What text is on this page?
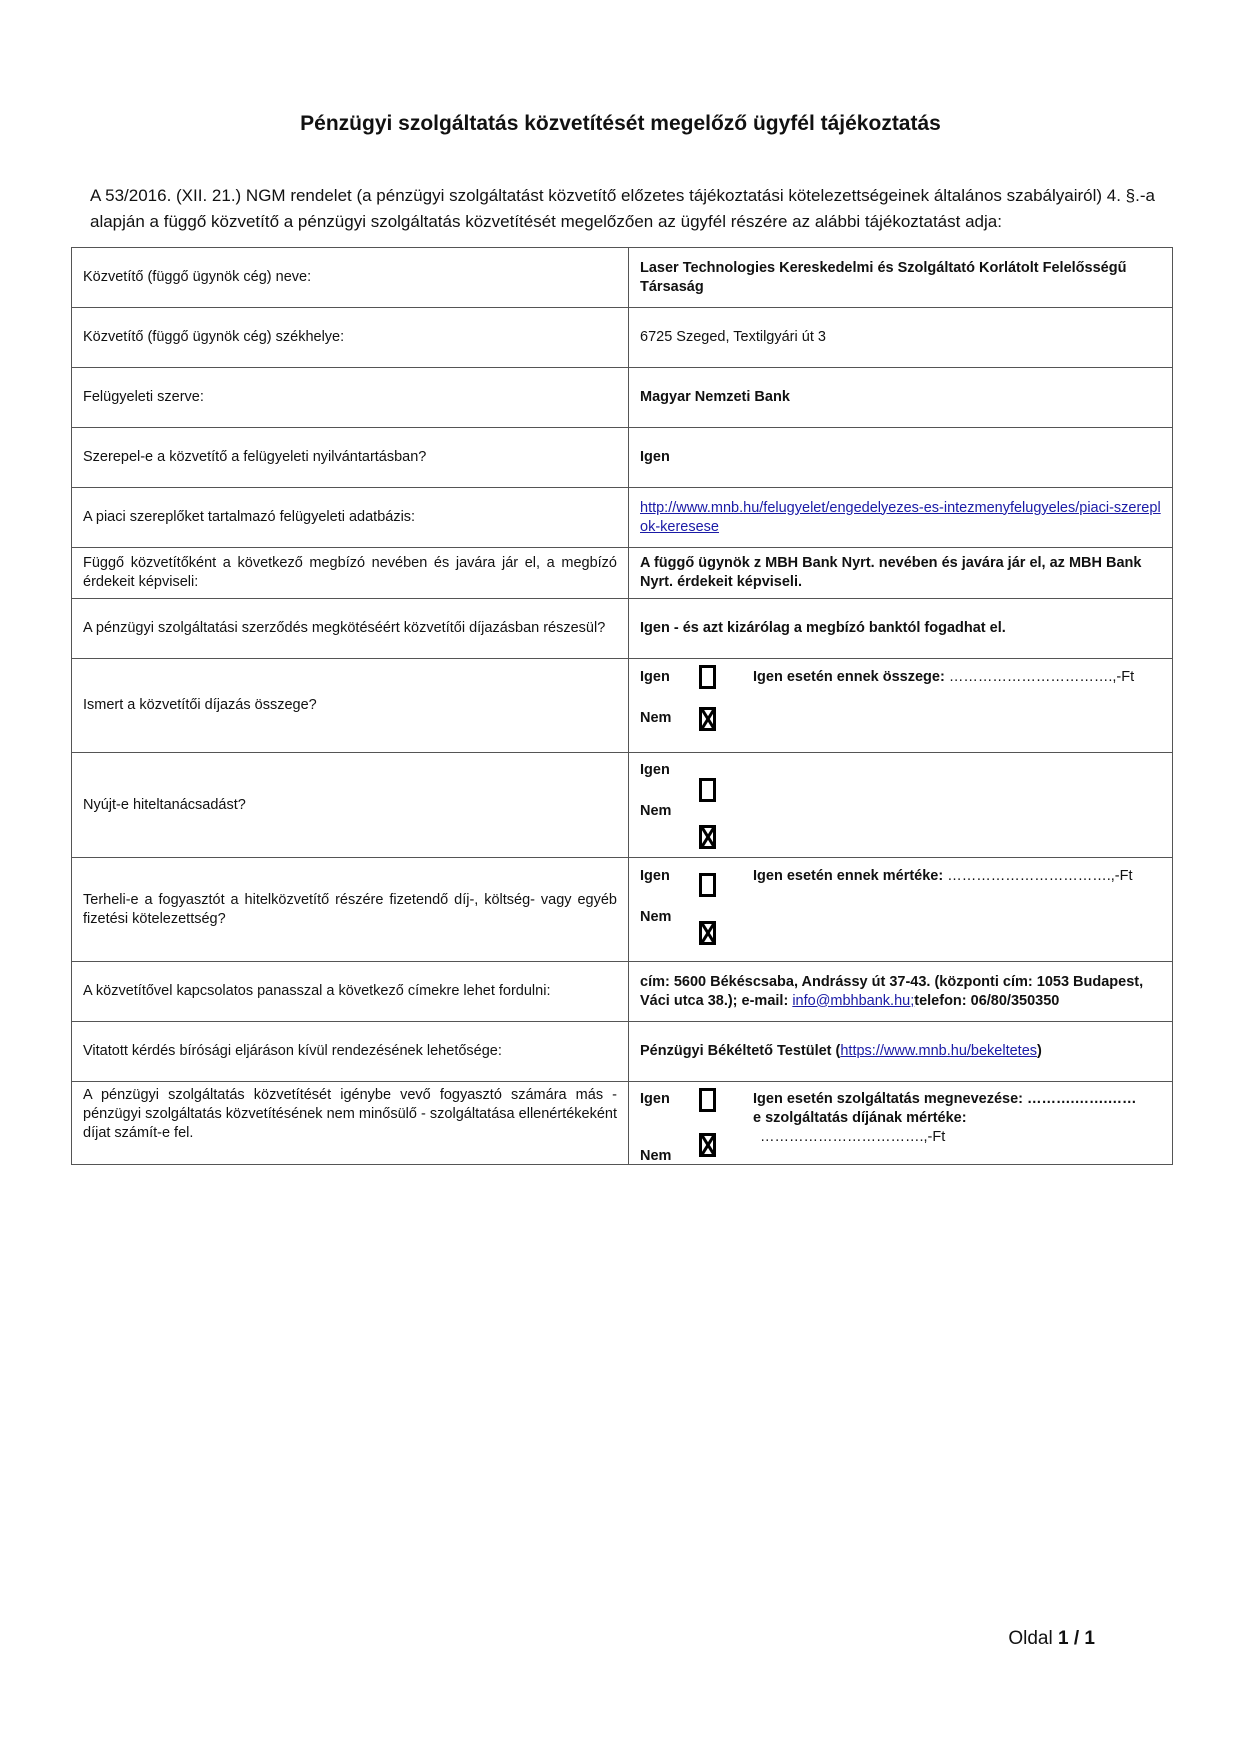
Pénzügyi szolgáltatás közvetítését megelőző ügyfél tájékoztatás
A 53/2016. (XII. 21.) NGM rendelet (a pénzügyi szolgáltatást közvetítő előzetes tájékoztatási kötelezettségeinek általános szabályairól) 4. §.-a alapján a függő közvetítő a pénzügyi szolgáltatás közvetítését megelőzően az ügyfél részére az alábbi tájékoztatást adja:
Közvetítő (függő ügynök cég) neve:	Laser Technologies Kereskedelmi és Szolgáltató Korlátolt Felelősségű Társaság
Közvetítő (függő ügynök cég) székhelye:	6725 Szeged, Textilgyári út 3
Felügyeleti szerve:	Magyar Nemzeti Bank
Szerepel-e a közvetítő a felügyeleti nyilvántartásban?	Igen
A piaci szereplőket tartalmazó felügyeleti adatbázis:	http://www.mnb.hu/felugyelet/engedelyezes-es-intezmenyfelugyeles/piaci-szereplok-keresese
Függő közvetítőként a következő megbízó nevében és javára jár el, a megbízó érdekeit képviseli:	A függő ügynök z MBH Bank Nyrt. nevében és javára jár el, az MBH Bank Nyrt. érdekeit képviseli.
A pénzügyi szolgáltatási szerződés megkötéséért közvetítői díjazásban részesül?	Igen - és azt kizárólag a megbízó banktól fogadhat el.
Ismert a közvetítői díjazás összege?	Igen Igen esetén ennek összege: …………………………….,-Ft
Nem

Nyújt-e hiteltanácsadást?	Igen
Nem

Terheli-e a fogyasztót a hitelközvetítő részére fizetendő díj-, költség- vagy egyéb fizetési kötelezettség?	Igen Igen esetén ennek mértéke: …………………………….,-Ft
Nem

A közvetítővel kapcsolatos panasszal a következő címekre lehet fordulni:	cím: 5600 Békéscsaba, Andrássy út 37-43. (központi cím: 1053 Budapest, Váci utca 38.); e-mail: info@mbhbank.hu;telefon: 06/80/350350
Vitatott kérdés bírósági eljáráson kívül rendezésének lehetősége:	Pénzügyi Békéltető Testület (https://www.mnb.hu/bekeltetes)
A pénzügyi szolgáltatás közvetítését igénybe vevő fogyasztó számára más - pénzügyi szolgáltatás közvetítésének nem minősülő - szolgáltatása ellenértékeként díjat számít-e fel.	Igen Igen esetén szolgáltatás megnevezése: ……….…….……
e szolgáltatás díjának mértéke:
…………………………….,-Ft
Nem
Oldal 1 / 1
